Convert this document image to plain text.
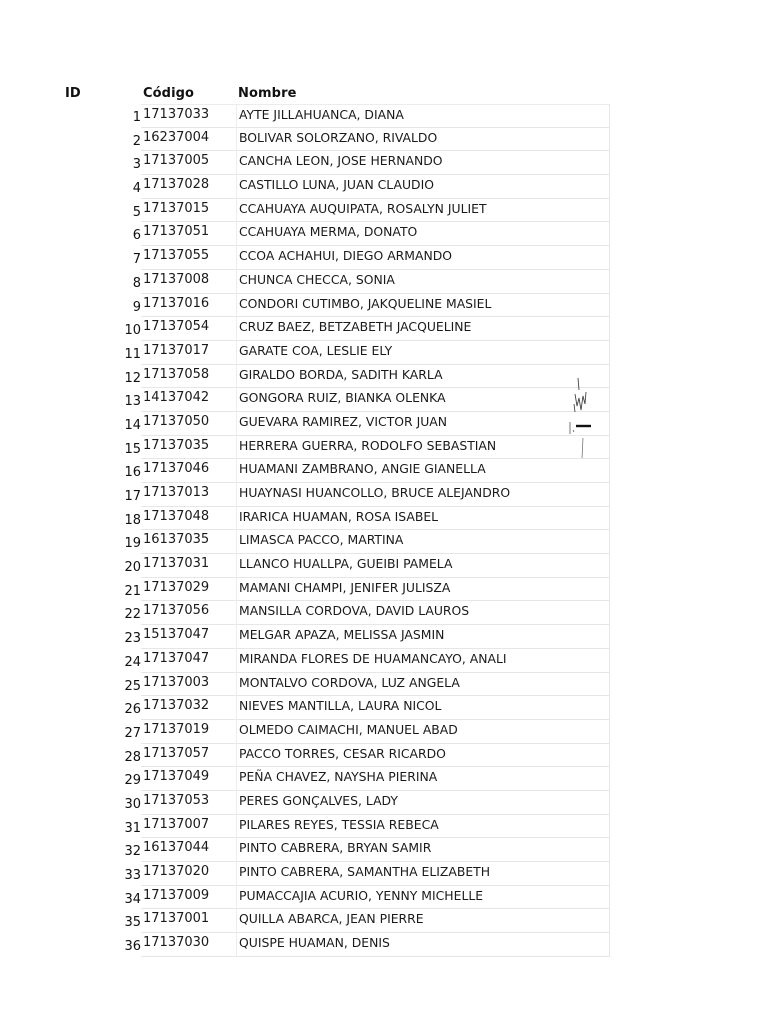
ID	Código	Nombre
1 17137033	AYTE JILLAHUANCA, DIANA
2 16237004	BOLIVAR SOLORZANO, RIVALDO
3 17137005	CANCHA LEON, JOSE HERNANDO
4 17137028	CASTILLO LUNA, JUAN CLAUDIO
5 17137015	CCAHUAYA AUQUIPATA, ROSALYN JULIET
6 17137051	CCAHUAYA MERMA, DONATO
7 17137055	CCOA ACHAHUI, DIEGO ARMANDO
8 17137008	CHUNCA CHECCA, SONIA
9 17137016	CONDORI CUTIMBO, JAKQUELINE MASIEL
10 17137054	CRUZ BAEZ, BETZABETH JACQUELINE
11 17137017	GARATE COA, LESLIE ELY
12 17137058	GIRALDO BORDA, SADITH KARLA
13 14137042	GONGORA RUIZ, BIANKA OLENKA
14 17137050	GUEVARA RAMIREZ, VICTOR JUAN
15 17137035	HERRERA GUERRA, RODOLFO SEBASTIAN
16 17137046	HUAMANI ZAMBRANO, ANGIE GIANELLA
17 17137013	HUAYNASI HUANCOLLO, BRUCE ALEJANDRO
18 17137048	IRARICA HUAMAN, ROSA ISABEL
19 16137035	LIMASCA PACCO, MARTINA
20 17137031	LLANCO HUALLPA, GUEIBI PAMELA
21 17137029	MAMANI CHAMPI, JENIFER JULISZA
22 17137056	MANSILLA CORDOVA, DAVID LAUROS
23 15137047	MELGAR APAZA, MELISSA JASMIN
24 17137047	MIRANDA FLORES DE HUAMANCAYO, ANALI
25 17137003	MONTALVO CORDOVA, LUZ ANGELA
26 17137032	NIEVES MANTILLA, LAURA NICOL
27 17137019	OLMEDO CAIMACHI, MANUEL ABAD
28 17137057	PACCO TORRES, CESAR RICARDO
29 17137049	PEÑA CHAVEZ, NAYSHA PIERINA
30 17137053	PERES GONÇALVES, LADY
31 17137007	PILARES REYES, TESSIA REBECA
32 16137044	PINTO CABRERA, BRYAN SAMIR
33 17137020	PINTO CABRERA, SAMANTHA ELIZABETH
34 17137009	PUMACCAJIA ACURIO, YENNY MICHELLE
35 17137001	QUILLA ABARCA, JEAN PIERRE
36 17137030	QUISPE HUAMAN, DENIS
